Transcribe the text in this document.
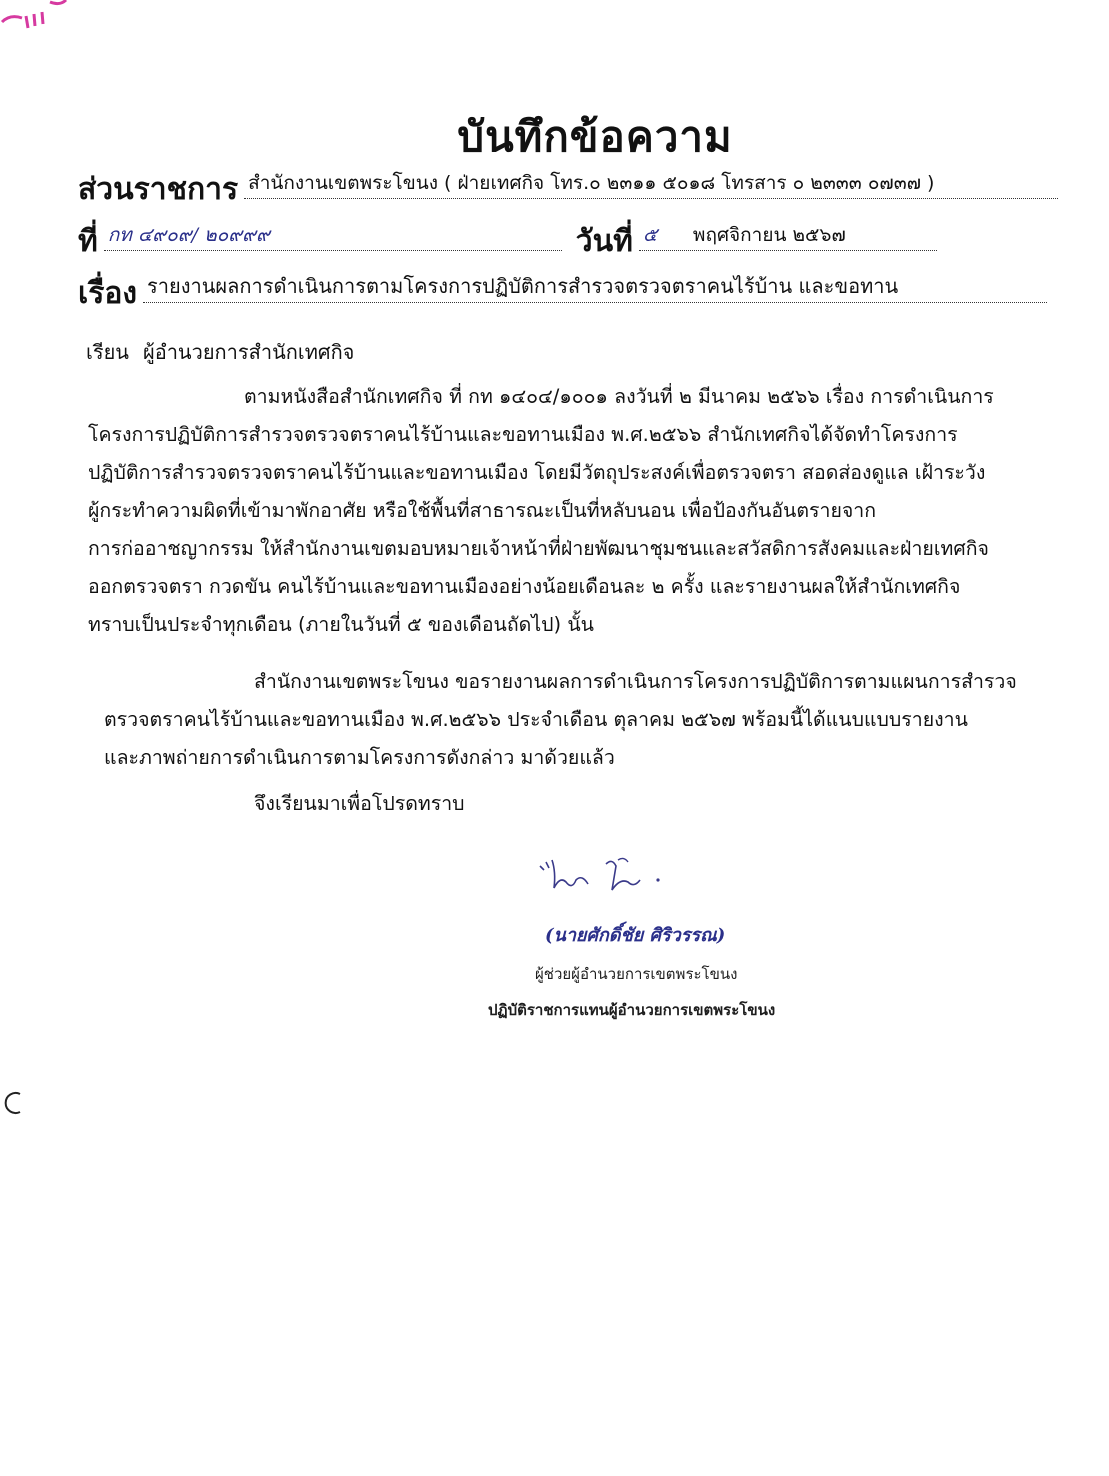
บันทึกข้อความ
ส่วนราชการ สำนักงานเขตพระโขนง ( ฝ่ายเทศกิจ โทร.๐ ๒๓๑๑ ๕๐๑๘ โทรสาร ๐ ๒๓๓๓ ๐๗๓๗ )
ที่ กท ๔๙๐๙/ ๒๐๙๙๙	วันที่ ๕ พฤศจิกายน ๒๕๖๗
เรื่อง รายงานผลการดำเนินการตามโครงการปฏิบัติการสำรวจตรวจตราคนไร้บ้าน และขอทาน
เรียน ผู้อำนวยการสำนักเทศกิจ
ตามหนังสือสำนักเทศกิจ ที่ กท ๑๔๐๔/๑๐๐๑ ลงวันที่ ๒ มีนาคม ๒๕๖๖ เรื่อง การดำเนินการ
โครงการปฏิบัติการสำรวจตรวจตราคนไร้บ้านและขอทานเมือง พ.ศ.๒๕๖๖ สำนักเทศกิจได้จัดทำโครงการ
ปฏิบัติการสำรวจตรวจตราคนไร้บ้านและขอทานเมือง โดยมีวัตถุประสงค์เพื่อตรวจตรา สอดส่องดูแล เฝ้าระวัง
ผู้กระทำความผิดที่เข้ามาพักอาศัย หรือใช้พื้นที่สาธารณะเป็นที่หลับนอน เพื่อป้องกันอันตรายจาก
การก่ออาชญากรรม ให้สำนักงานเขตมอบหมายเจ้าหน้าที่ฝ่ายพัฒนาชุมชนและสวัสดิการสังคมและฝ่ายเทศกิจ
ออกตรวจตรา กวดขัน คนไร้บ้านและขอทานเมืองอย่างน้อยเดือนละ ๒ ครั้ง และรายงานผลให้สำนักเทศกิจ
ทราบเป็นประจำทุกเดือน (ภายในวันที่ ๕ ของเดือนถัดไป) นั้น
สำนักงานเขตพระโขนง ขอรายงานผลการดำเนินการโครงการปฏิบัติการตามแผนการสำรวจ
ตรวจตราคนไร้บ้านและขอทานเมือง พ.ศ.๒๕๖๖ ประจำเดือน ตุลาคม ๒๕๖๗ พร้อมนี้ได้แนบแบบรายงาน
และภาพถ่ายการดำเนินการตามโครงการดังกล่าว มาด้วยแล้ว
จึงเรียนมาเพื่อโปรดทราบ
(นายศักดิ์ชัย ศิริวรรณ)
ผู้ช่วยผู้อำนวยการเขตพระโขนง
ปฏิบัติราชการแทนผู้อำนวยการเขตพระโขนง
